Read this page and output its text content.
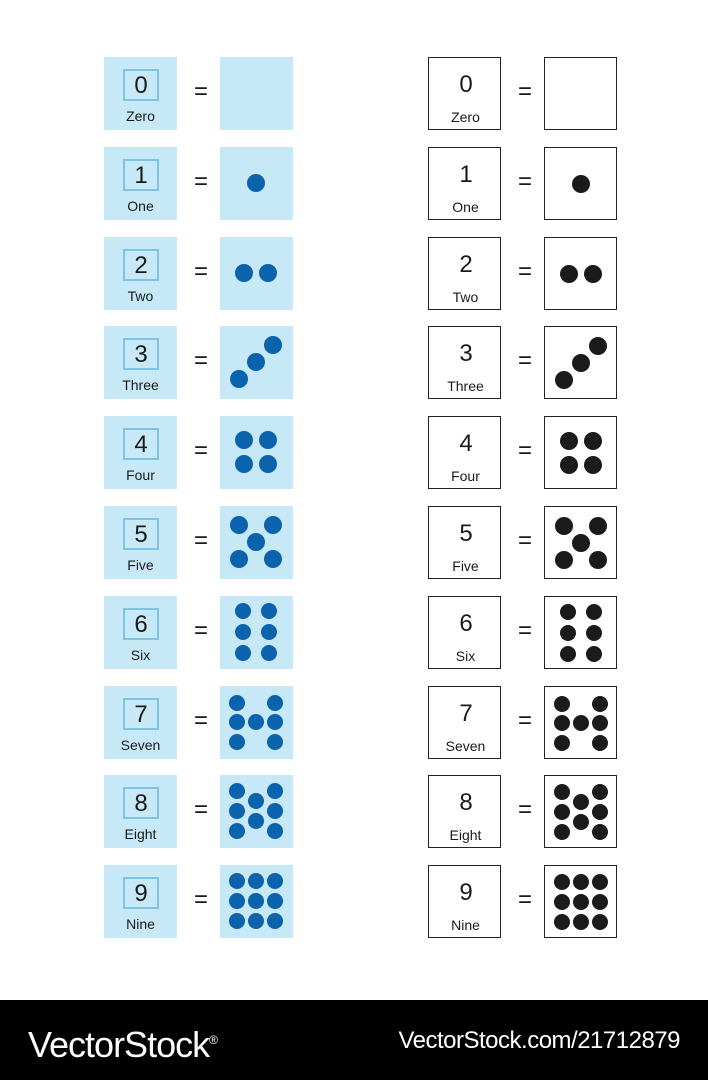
0
Zero
=
1
One
=
2
Two
=
3
Three
=
4
Four
=
5
Five
=
6
Six
=
7
Seven
=
8
Eight
=
9
Nine
=
0
Zero
=
1
One
=
2
Two
=
3
Three
=
4
Four
=
5
Five
=
6
Six
=
7
Seven
=
8
Eight
=
9
Nine
=
VectorStock®	VectorStock.com/21712879
